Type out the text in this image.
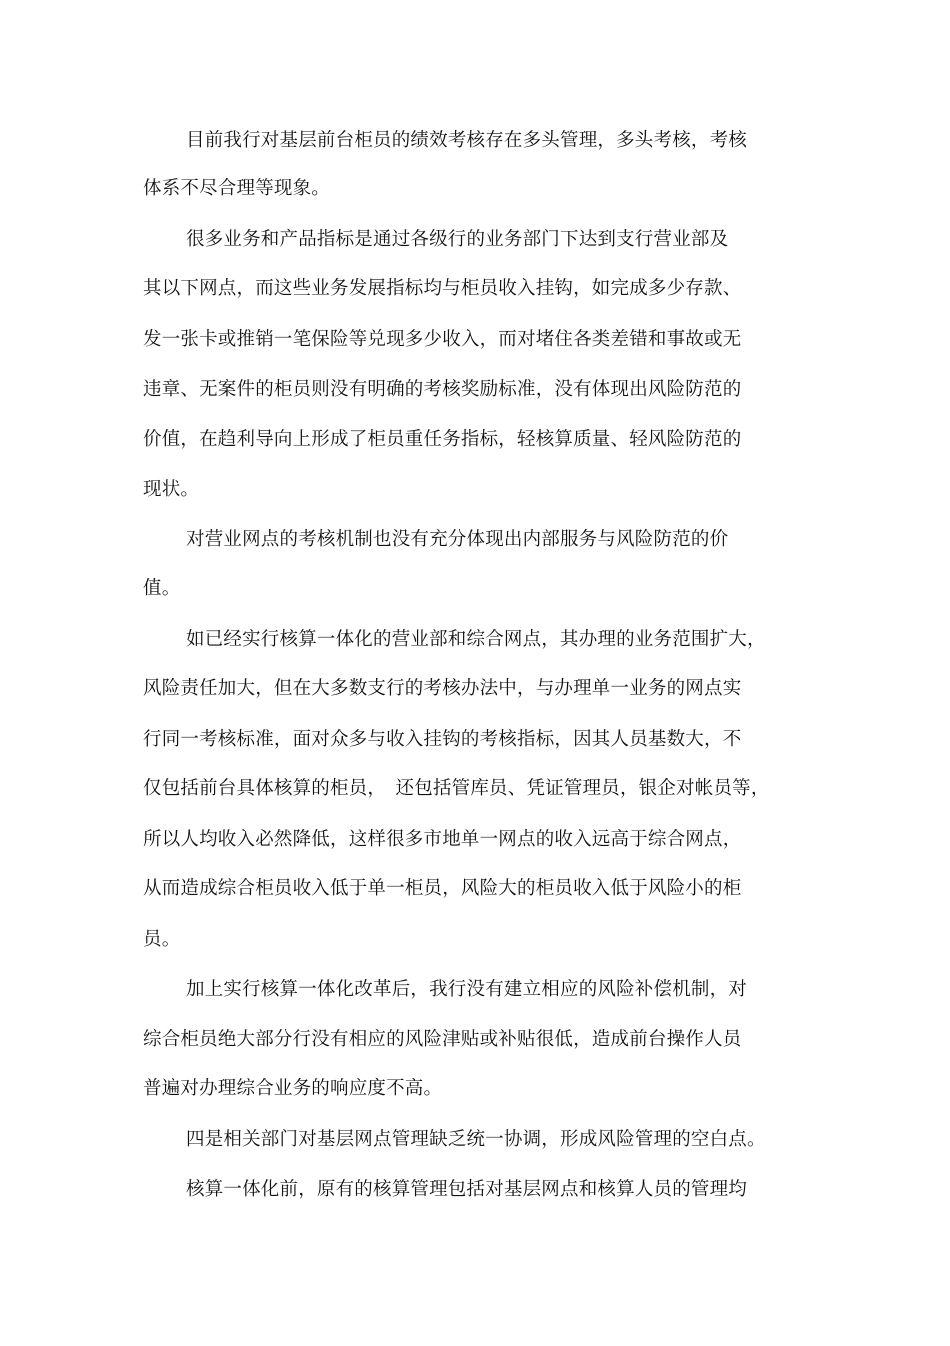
目前我行对基层前台柜员的绩效考核存在多头管理，多头考核，考核

体系不尽合理等现象。

很多业务和产品指标是通过各级行的业务部门下达到支行营业部及

其以下网点，而这些业务发展指标均与柜员收入挂钩，如完成多少存款、

发一张卡或推销一笔保险等兑现多少收入，而对堵住各类差错和事故或无

违章、无案件的柜员则没有明确的考核奖励标准，没有体现出风险防范的

价值，在趋利导向上形成了柜员重任务指标，轻核算质量、轻风险防范的

现状。

对营业网点的考核机制也没有充分体现出内部服务与风险防范的价

值。

如已经实行核算一体化的营业部和综合网点，其办理的业务范围扩大，

风险责任加大，但在大多数支行的考核办法中，与办理单一业务的网点实

行同一考核标准，面对众多与收入挂钩的考核指标，因其人员基数大，不

仅包括前台具体核算的柜员，　还包括管库员、凭证管理员，银企对帐员等，

所以人均收入必然降低，这样很多市地单一网点的收入远高于综合网点，

从而造成综合柜员收入低于单一柜员，风险大的柜员收入低于风险小的柜

员。

加上实行核算一体化改革后，我行没有建立相应的风险补偿机制，对

综合柜员绝大部分行没有相应的风险津贴或补贴很低，造成前台操作人员

普遍对办理综合业务的响应度不高。

四是相关部门对基层网点管理缺乏统一协调，形成风险管理的空白点。

核算一体化前，原有的核算管理包括对基层网点和核算人员的管理均
